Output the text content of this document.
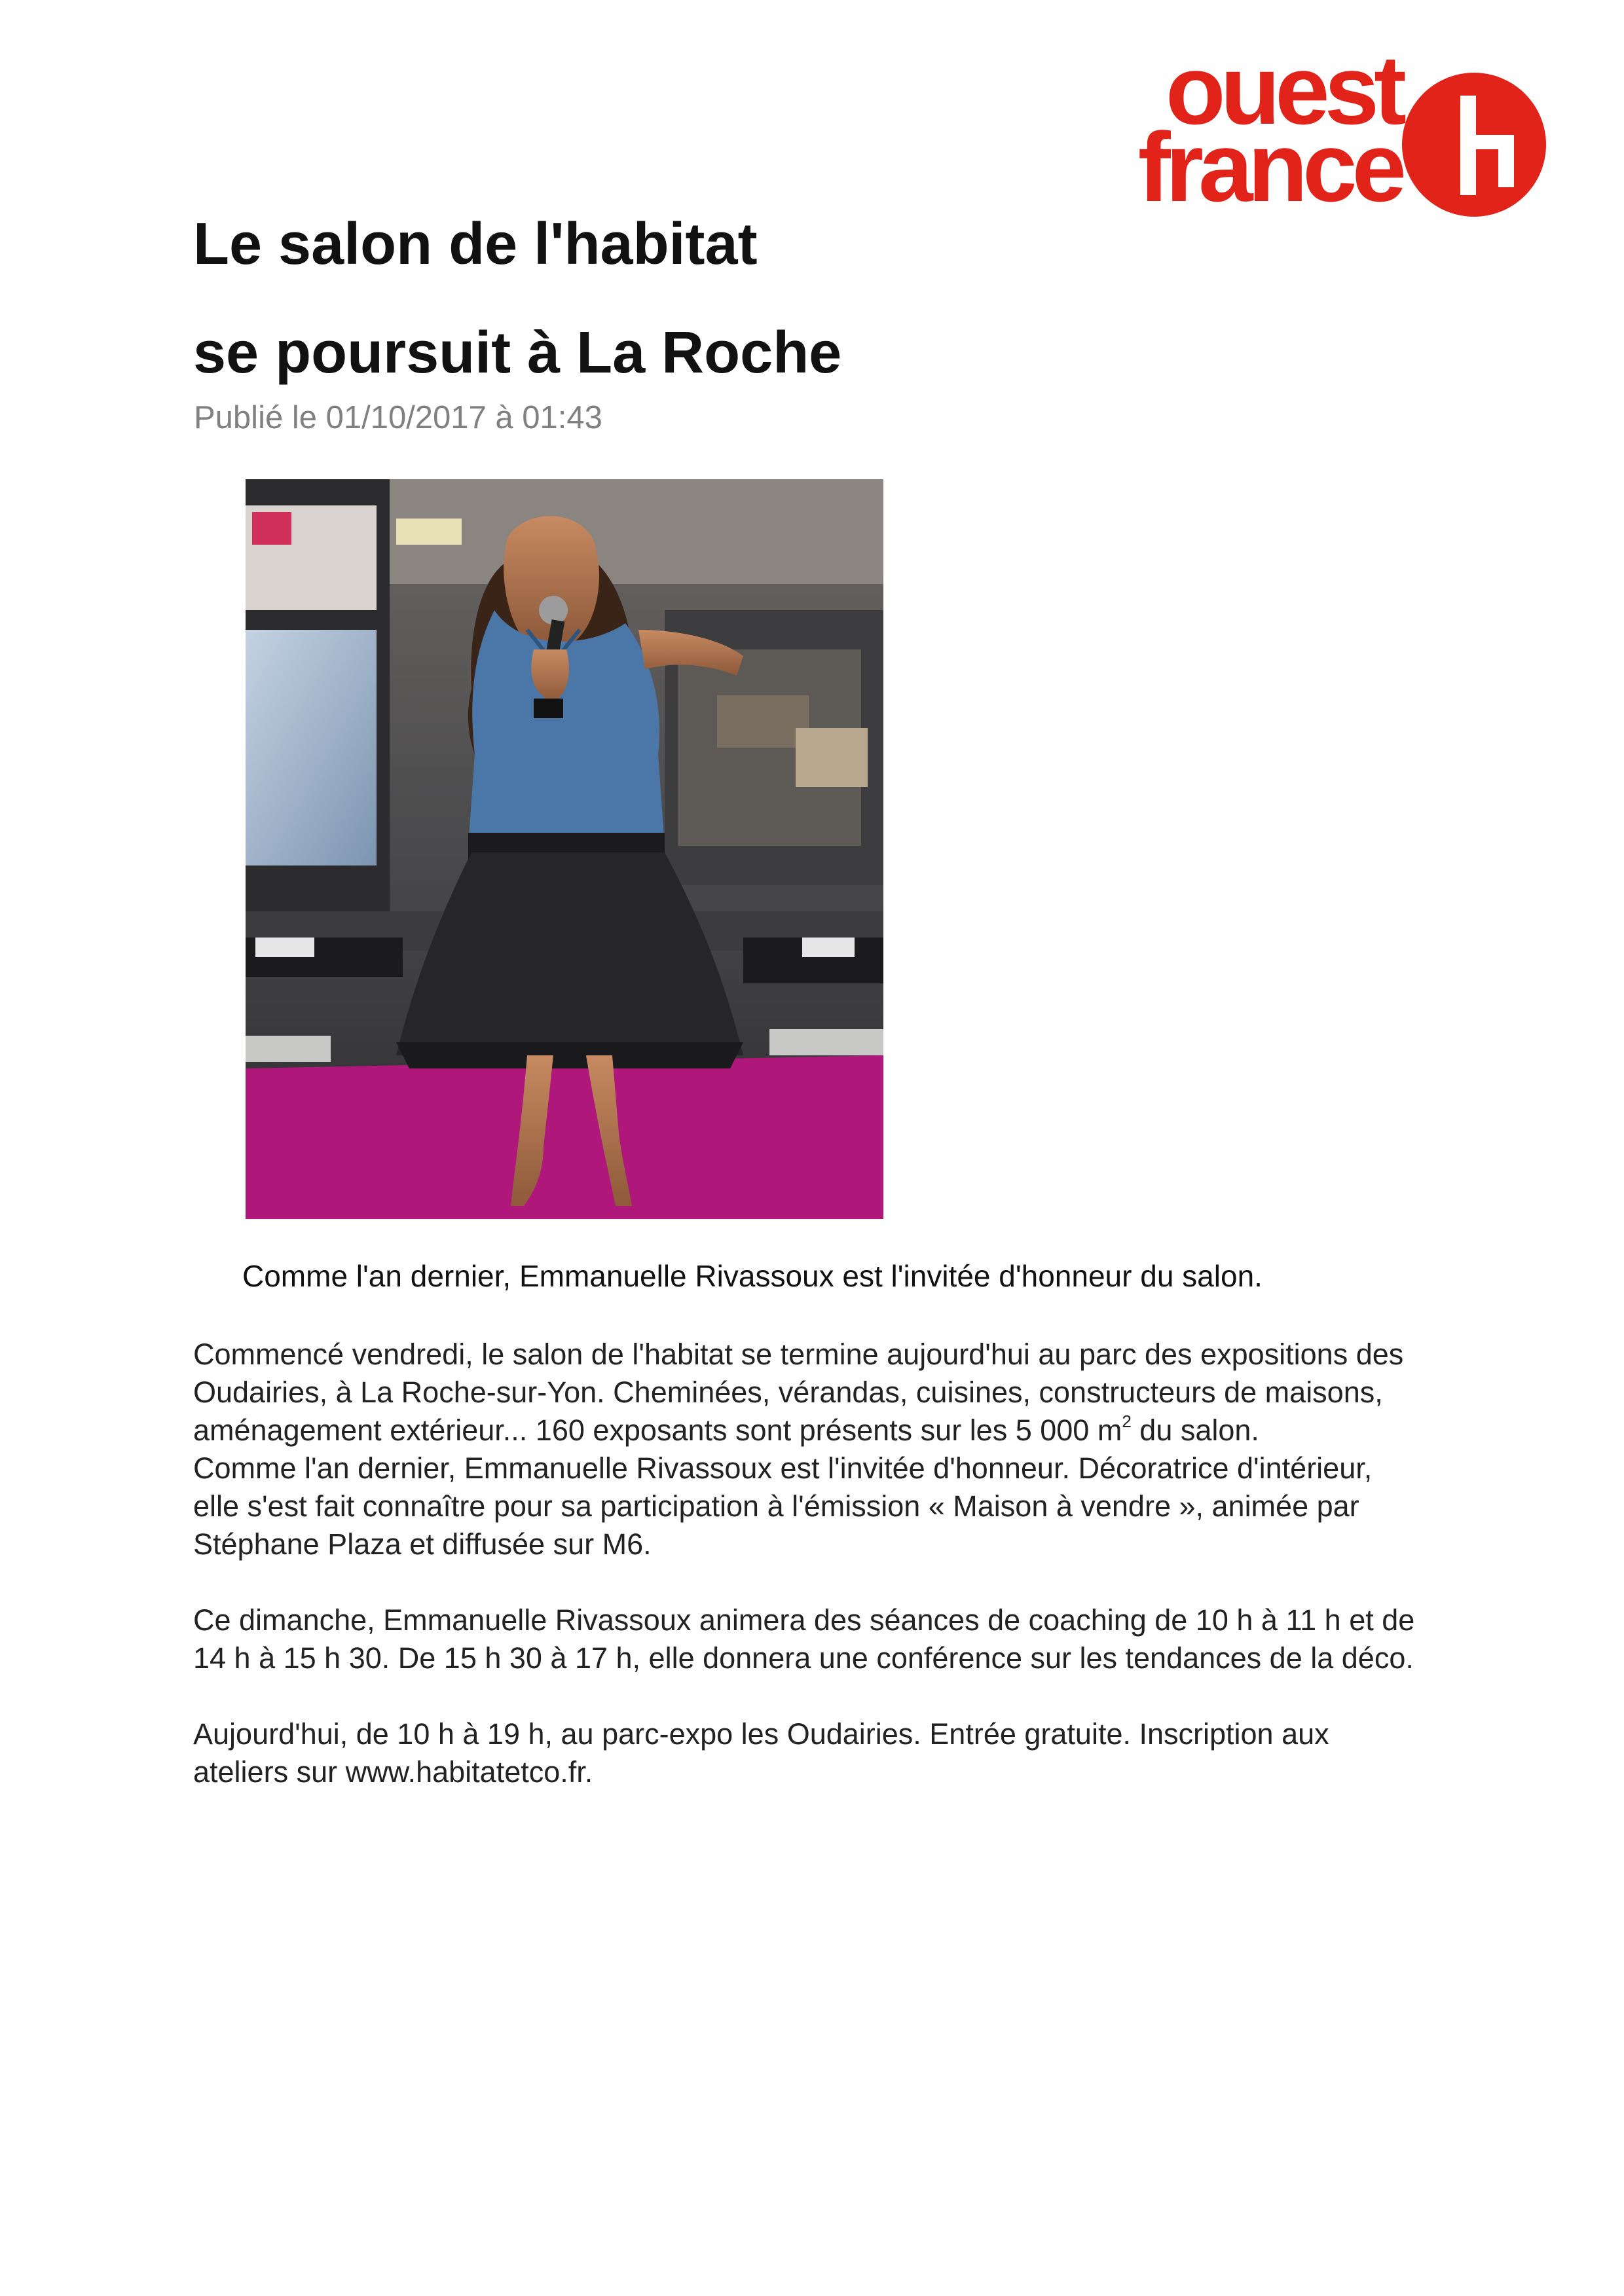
ouest
france
Le salon de l'habitat
se poursuit à La Roche
Publié le 01/10/2017 à 01:43
Comme l'an dernier, Emmanuelle Rivassoux est l'invitée d'honneur du salon.

Commencé vendredi, le salon de l'habitat se termine aujourd'hui au parc des expositions des Oudairies, à La Roche-sur-Yon. Cheminées, vérandas, cuisines, constructeurs de maisons, aménagement extérieur... 160 exposants sont présents sur les 5 000 $m^2$ du salon.

Comme l'an dernier, Emmanuelle Rivassoux est l'invitée d'honneur. Décoratrice d'intérieur, elle s'est fait connaître pour sa participation à l'émission « Maison à vendre », animée par Stéphane Plaza et diffusée sur M6.

Ce dimanche, Emmanuelle Rivassoux animera des séances de coaching de 10 h à 11 h et de 14 h à 15 h 30. De 15 h 30 à 17 h, elle donnera une conférence sur les tendances de la déco.

Aujourd'hui, de 10 h à 19 h, au parc-expo les Oudairies. Entrée gratuite. Inscription aux ateliers sur www.habitatetco.fr.
